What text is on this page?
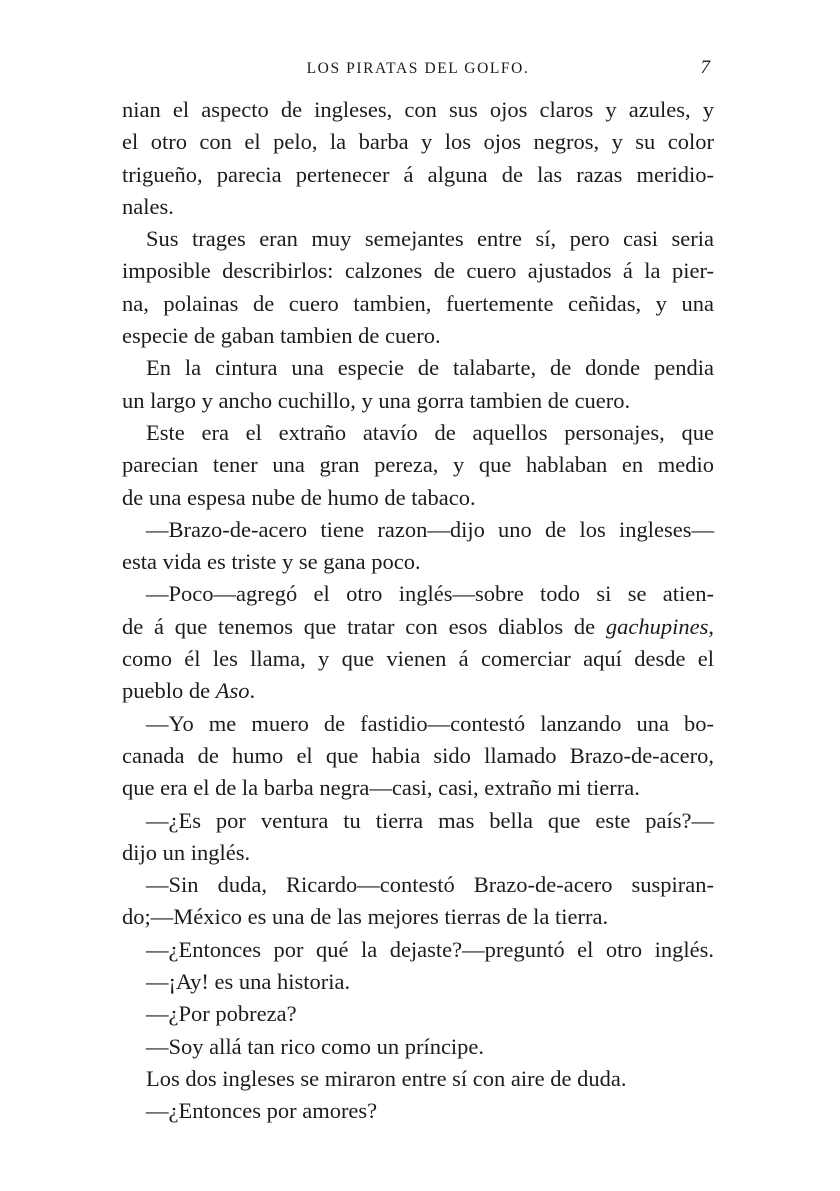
LOS PIRATAS DEL GOLFO.	7
nian el aspecto de ingleses, con sus ojos claros y azules, y
el otro con el pelo, la barba y los ojos negros, y su color
trigueño, parecia pertenecer á alguna de las razas meridio-
nales.
Sus trages eran muy semejantes entre sí, pero casi seria
imposible describirlos: calzones de cuero ajustados á la pier-
na, polainas de cuero tambien, fuertemente ceñidas, y una
especie de gaban tambien de cuero.
En la cintura una especie de talabarte, de donde pendia
un largo y ancho cuchillo, y una gorra tambien de cuero.
Este era el extraño atavío de aquellos personajes, que
parecian tener una gran pereza, y que hablaban en medio
de una espesa nube de humo de tabaco.
—Brazo-de-acero tiene razon—dijo uno de los ingleses—
esta vida es triste y se gana poco.
—Poco—agregó el otro inglés—sobre todo si se atien-
de á que tenemos que tratar con esos diablos de gachupines,
como él les llama, y que vienen á comerciar aquí desde el
pueblo de Aso.
—Yo me muero de fastidio—contestó lanzando una bo-
canada de humo el que habia sido llamado Brazo-de-acero,
que era el de la barba negra—casi, casi, extraño mi tierra.
—¿Es por ventura tu tierra mas bella que este país?—
dijo un inglés.
—Sin duda, Ricardo—contestó Brazo-de-acero suspiran-
do;—México es una de las mejores tierras de la tierra.
—¿Entonces por qué la dejaste?—preguntó el otro inglés.
—¡Ay! es una historia.
—¿Por pobreza?
—Soy allá tan rico como un príncipe.
Los dos ingleses se miraron entre sí con aire de duda.
—¿Entonces por amores?
